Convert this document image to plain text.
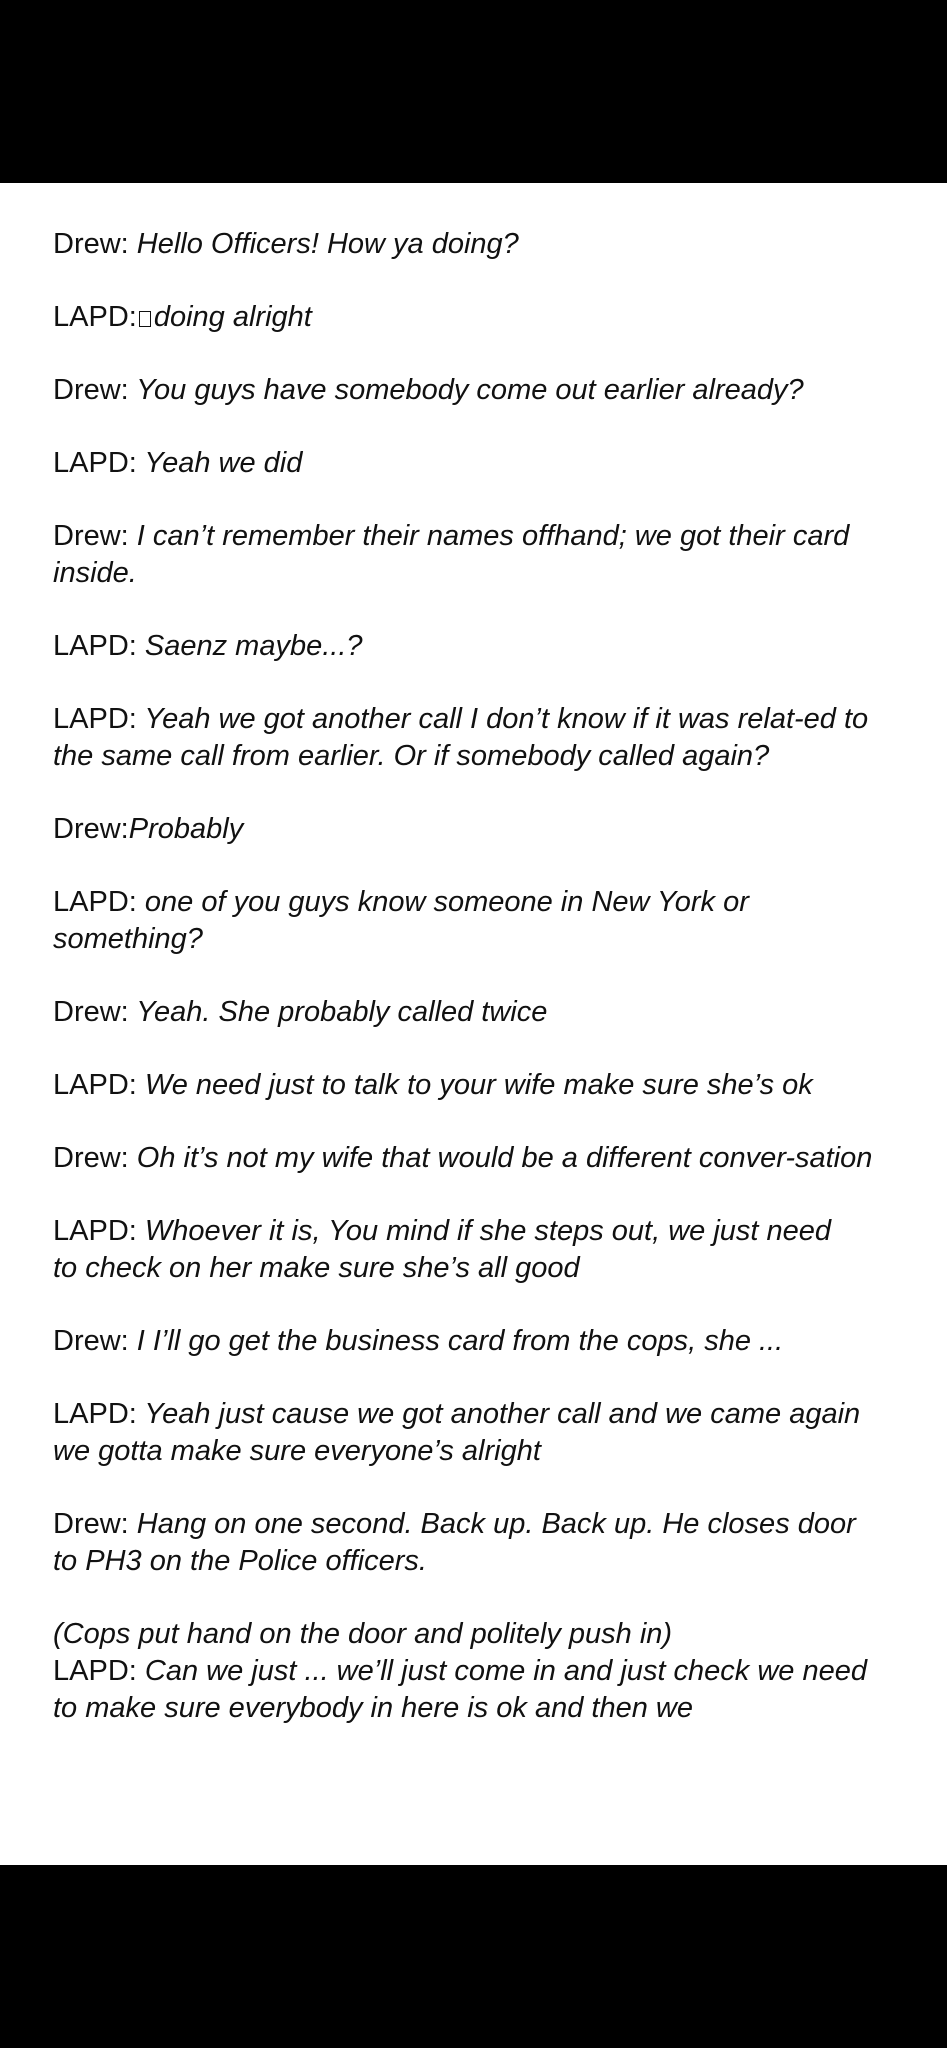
Drew: Hello Officers! How ya doing?
LAPD: doing alright
Drew: You guys have somebody come out earlier already?
LAPD: Yeah we did
Drew: I can’t remember their names offhand; we got their card inside.
LAPD: Saenz maybe...?
LAPD: Yeah we got another call I don’t know if it was relat-ed to the same call from earlier. Or if somebody called again?
Drew:Probably
LAPD: one of you guys know someone in New York or something?
Drew: Yeah. She probably called twice
LAPD: We need just to talk to your wife make sure she’s ok
Drew: Oh it’s not my wife that would be a different conver-sation
LAPD: Whoever it is, You mind if she steps out, we just need to check on her make sure she’s all good
Drew: I I’ll go get the business card from the cops, she ...
LAPD: Yeah just cause we got another call and we came again we gotta make sure everyone’s alright
Drew: Hang on one second. Back up. Back up. He closes door to PH3 on the Police officers.
(Cops put hand on the door and politely push in)
LAPD: Can we just ... we’ll just come in and just check we need to make sure everybody in here is ok and then we
